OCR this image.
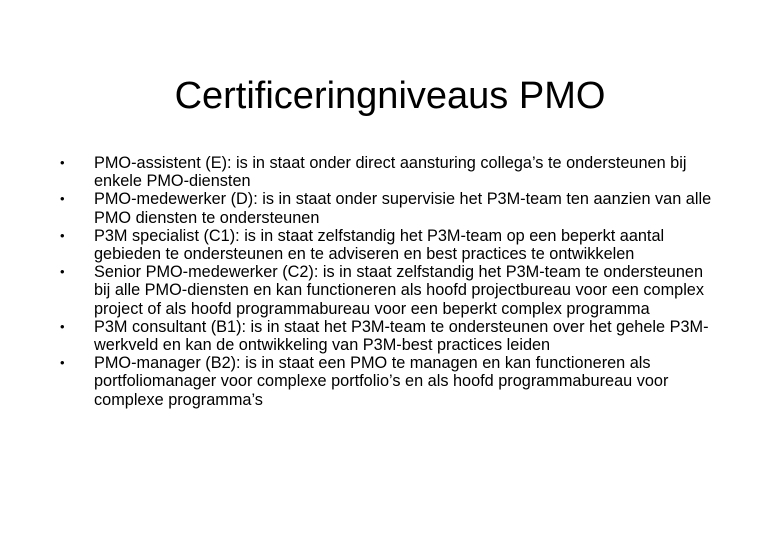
Certificeringniveaus PMO
•	PMO-assistent (E): is in staat onder direct aansturing collega’s te ondersteunen bij enkele PMO-diensten
•	PMO-medewerker (D): is in staat onder supervisie het P3M-team ten aanzien van alle PMO diensten te ondersteunen
•	P3M specialist (C1): is in staat zelfstandig het P3M-team op een beperkt aantal gebieden te ondersteunen en te adviseren en best practices te ontwikkelen
•	Senior PMO-medewerker (C2): is in staat zelfstandig het P3M-team te ondersteunen bij alle PMO-diensten en kan functioneren als hoofd projectbureau voor een complex project of als hoofd programmabureau voor een beperkt complex programma
•	P3M consultant (B1): is in staat het P3M-team te ondersteunen over het gehele P3M-werkveld en kan de ontwikkeling van P3M-best practices leiden
•	PMO-manager (B2): is in staat een PMO te managen en kan functioneren als portfoliomanager voor complexe portfolio’s en als hoofd programmabureau voor complexe programma’s
